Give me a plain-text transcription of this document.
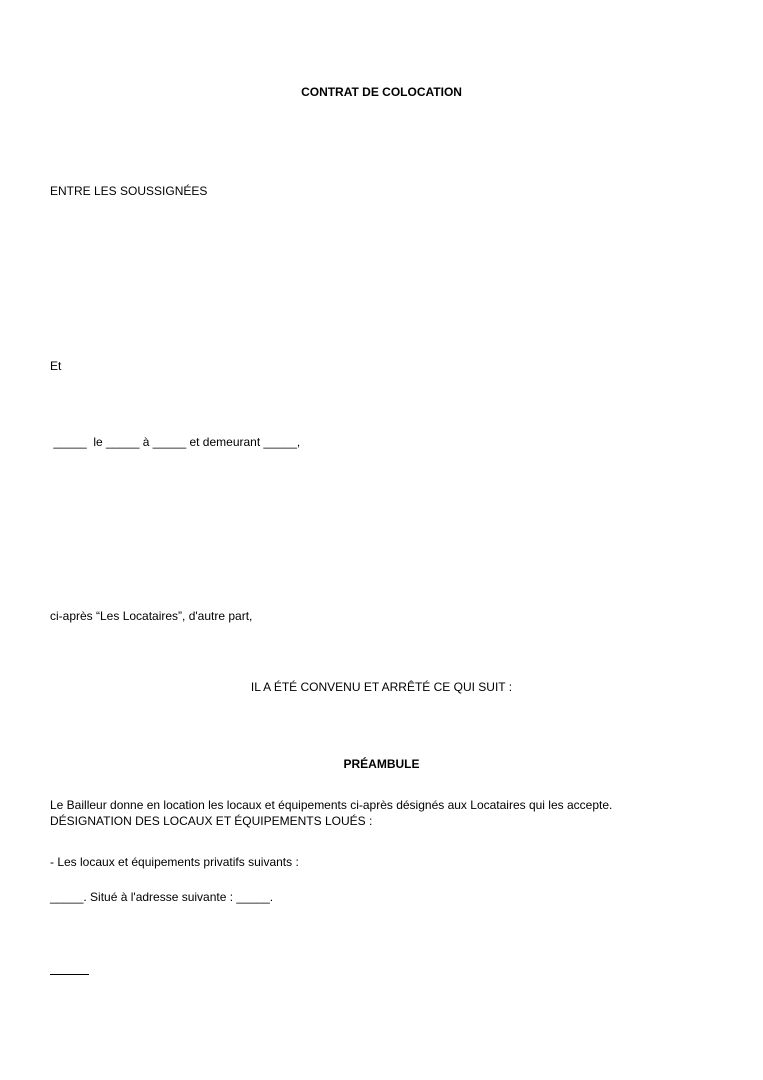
CONTRAT DE COLOCATION
ENTRE LES SOUSSIGNÉES
Et
_____  le _____ à _____ et demeurant _____,
ci-après “Les Locataires”, d'autre part,
IL A ÉTÉ CONVENU ET ARRÊTÉ CE QUI SUIT :
PRÉAMBULE
Le Bailleur donne en location les locaux et équipements ci-après désignés aux Locataires qui les accepte.
DÉSIGNATION DES LOCAUX ET ÉQUIPEMENTS LOUÉS :
- Les locaux et équipements privatifs suivants :
_____. Situé à l'adresse suivante : _____.
